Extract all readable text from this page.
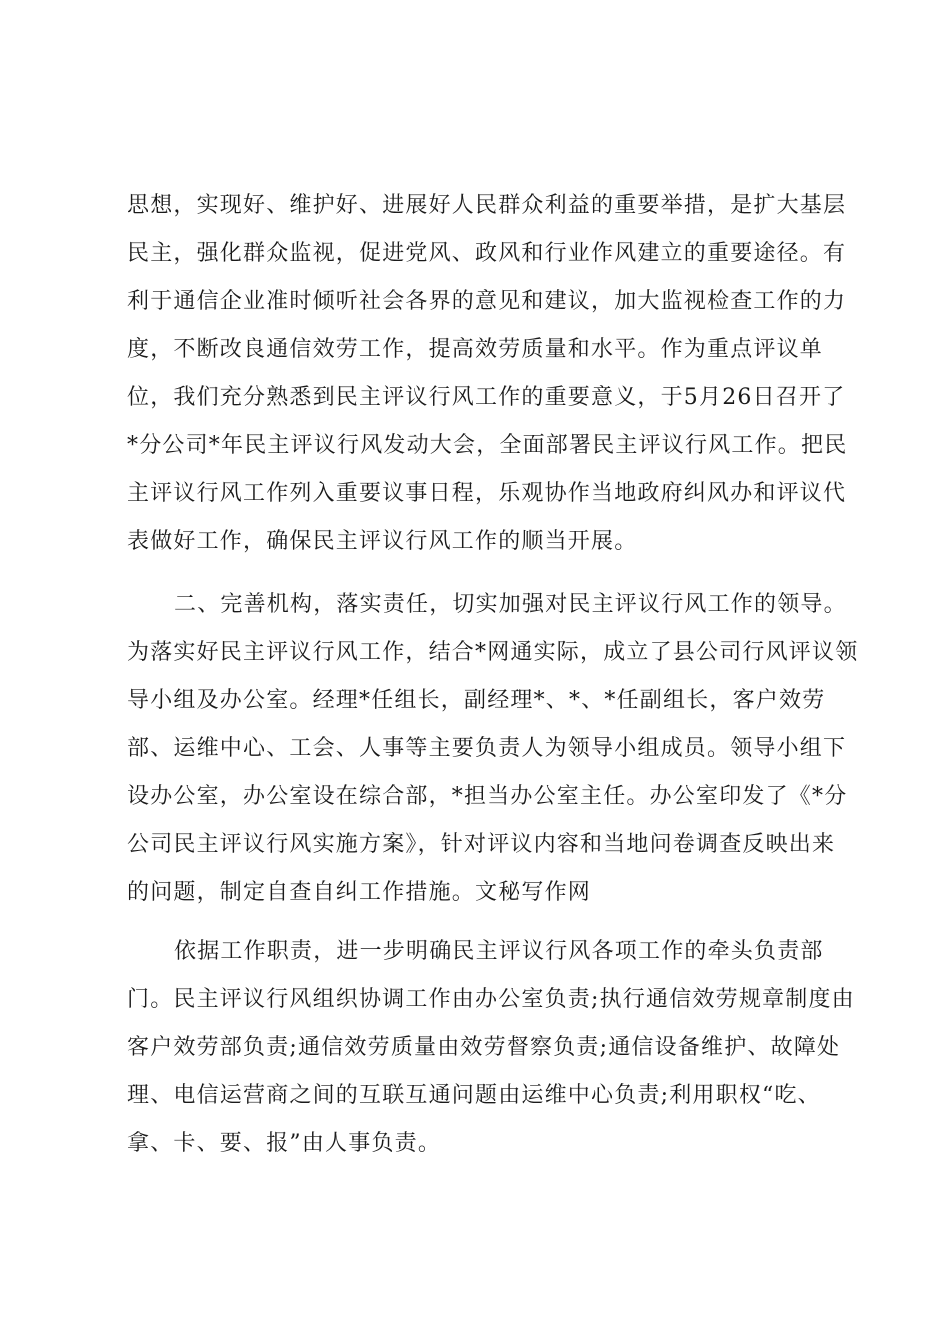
思想，实现好、维护好、进展好人民群众利益的重要举措，是扩大基层
民主，强化群众监视，促进党风、政风和行业作风建立的重要途径。有
利于通信企业准时倾听社会各界的意见和建议，加大监视检查工作的力
度，不断改良通信效劳工作，提高效劳质量和水平。作为重点评议单
位，我们充分熟悉到民主评议行风工作的重要意义，于5月26日召开了
*分公司*年民主评议行风发动大会，全面部署民主评议行风工作。把民
主评议行风工作列入重要议事日程，乐观协作当地政府纠风办和评议代
表做好工作，确保民主评议行风工作的顺当开展。
二、完善机构，落实责任，切实加强对民主评议行风工作的领导。
为落实好民主评议行风工作，结合*网通实际，成立了县公司行风评议领
导小组及办公室。经理*任组长，副经理*、*、*任副组长，客户效劳
部、运维中心、工会、人事等主要负责人为领导小组成员。领导小组下
设办公室，办公室设在综合部，*担当办公室主任。办公室印发了《*分
公司民主评议行风实施方案》，针对评议内容和当地问卷调查反映出来
的问题，制定自查自纠工作措施。文秘写作网
依据工作职责，进一步明确民主评议行风各项工作的牵头负责部
门。民主评议行风组织协调工作由办公室负责;执行通信效劳规章制度由
客户效劳部负责;通信效劳质量由效劳督察负责;通信设备维护、故障处
理、电信运营商之间的互联互通问题由运维中心负责;利用职权“吃、
拿、卡、要、报”由人事负责。
